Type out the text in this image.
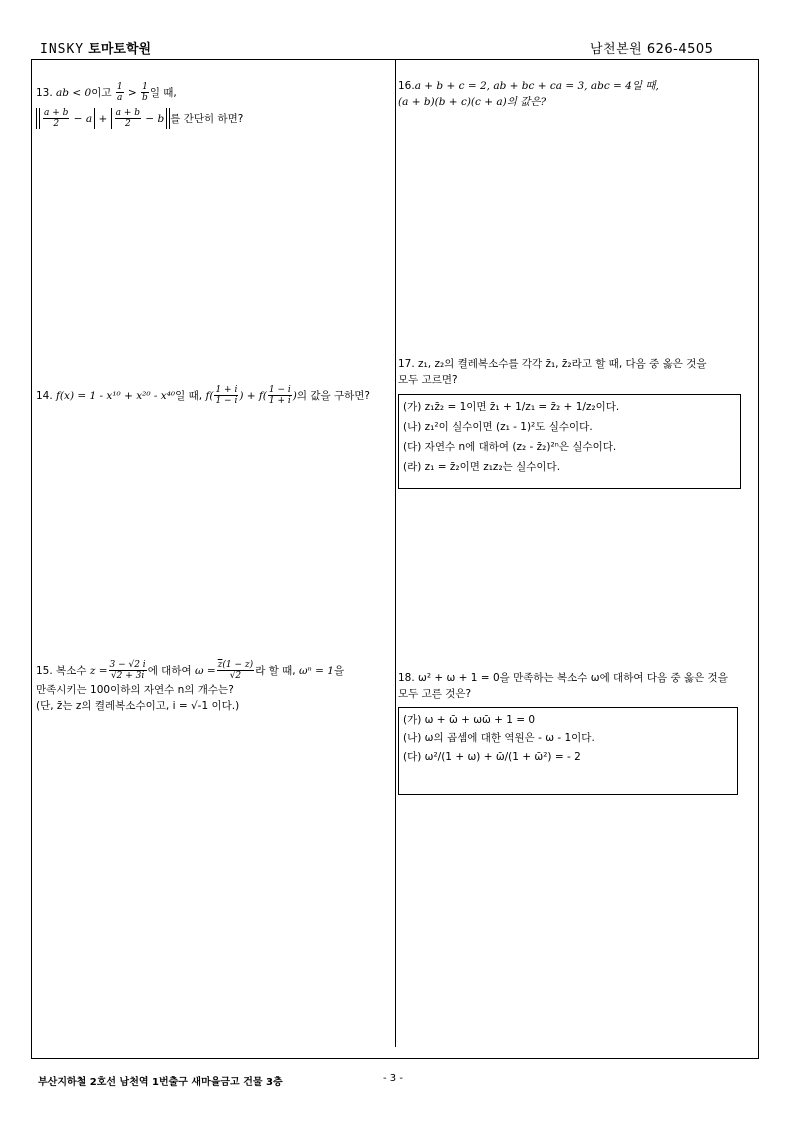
INSKY 토마토학원	남천본원 626-4505
13. ab < 0이고 $\frac{1}{a} > \frac{1}{b}$ 일 때,
$\frac{a + b}{2} - a + \frac{a + b}{2} - b$ 를 간단히 하면?
14. f(x) = 1 - x¹⁰ + x²⁰ - x⁴⁰일 때, $f( \frac{1 + i}{1 - i}$ ) + $f( \frac{1 - i}{1 + i}$ )의 값을 구하면?
15. 복소수 $z = \frac{3 - √2 i}{√2 + 3i}$ 에 대하여 $\omega = \frac{\overline{z}(1 - z)}{√2}$ 라 할 때, ωⁿ = 1을
만족시키는 100이하의 자연수 n의 개수는?
(단, z̄는 z의 켤레복소수이고, i = √-1 이다.)
16.a + b + c = 2, ab + bc + ca = 3, abc = 4일 때,
(a + b)(b + c)(c + a)의 값은?
17. z₁, z₂의 켤레복소수를 각각 z̄₁, z̄₂라고 할 때, 다음 중 옳은 것을
모두 고르면?
(가) z₁z̄₂ = 1이면 z̄₁ + 1/z₁ = z̄₂ + 1/z₂이다.
(나) z₁²이 실수이면 (z₁ - 1)²도 실수이다.
(다) 자연수 n에 대하여 (z₂ - z̄₂)²ⁿ은 실수이다.
(라) z₁ = z̄₂이면 z₁z₂는 실수이다.
18. ω² + ω + 1 = 0을 만족하는 복소수 ω에 대하여 다음 중 옳은 것을
모두 고른 것은?
(가) ω + ω̄ + ωω̄ + 1 = 0
(나) ω의 곱셈에 대한 역원은 - ω - 1이다.
(다) ω²/(1 + ω) + ω̄/(1 + ω̄²) = - 2
부산지하철 2호선 남천역 1번출구 새마을금고 건물 3층	- 3 -
